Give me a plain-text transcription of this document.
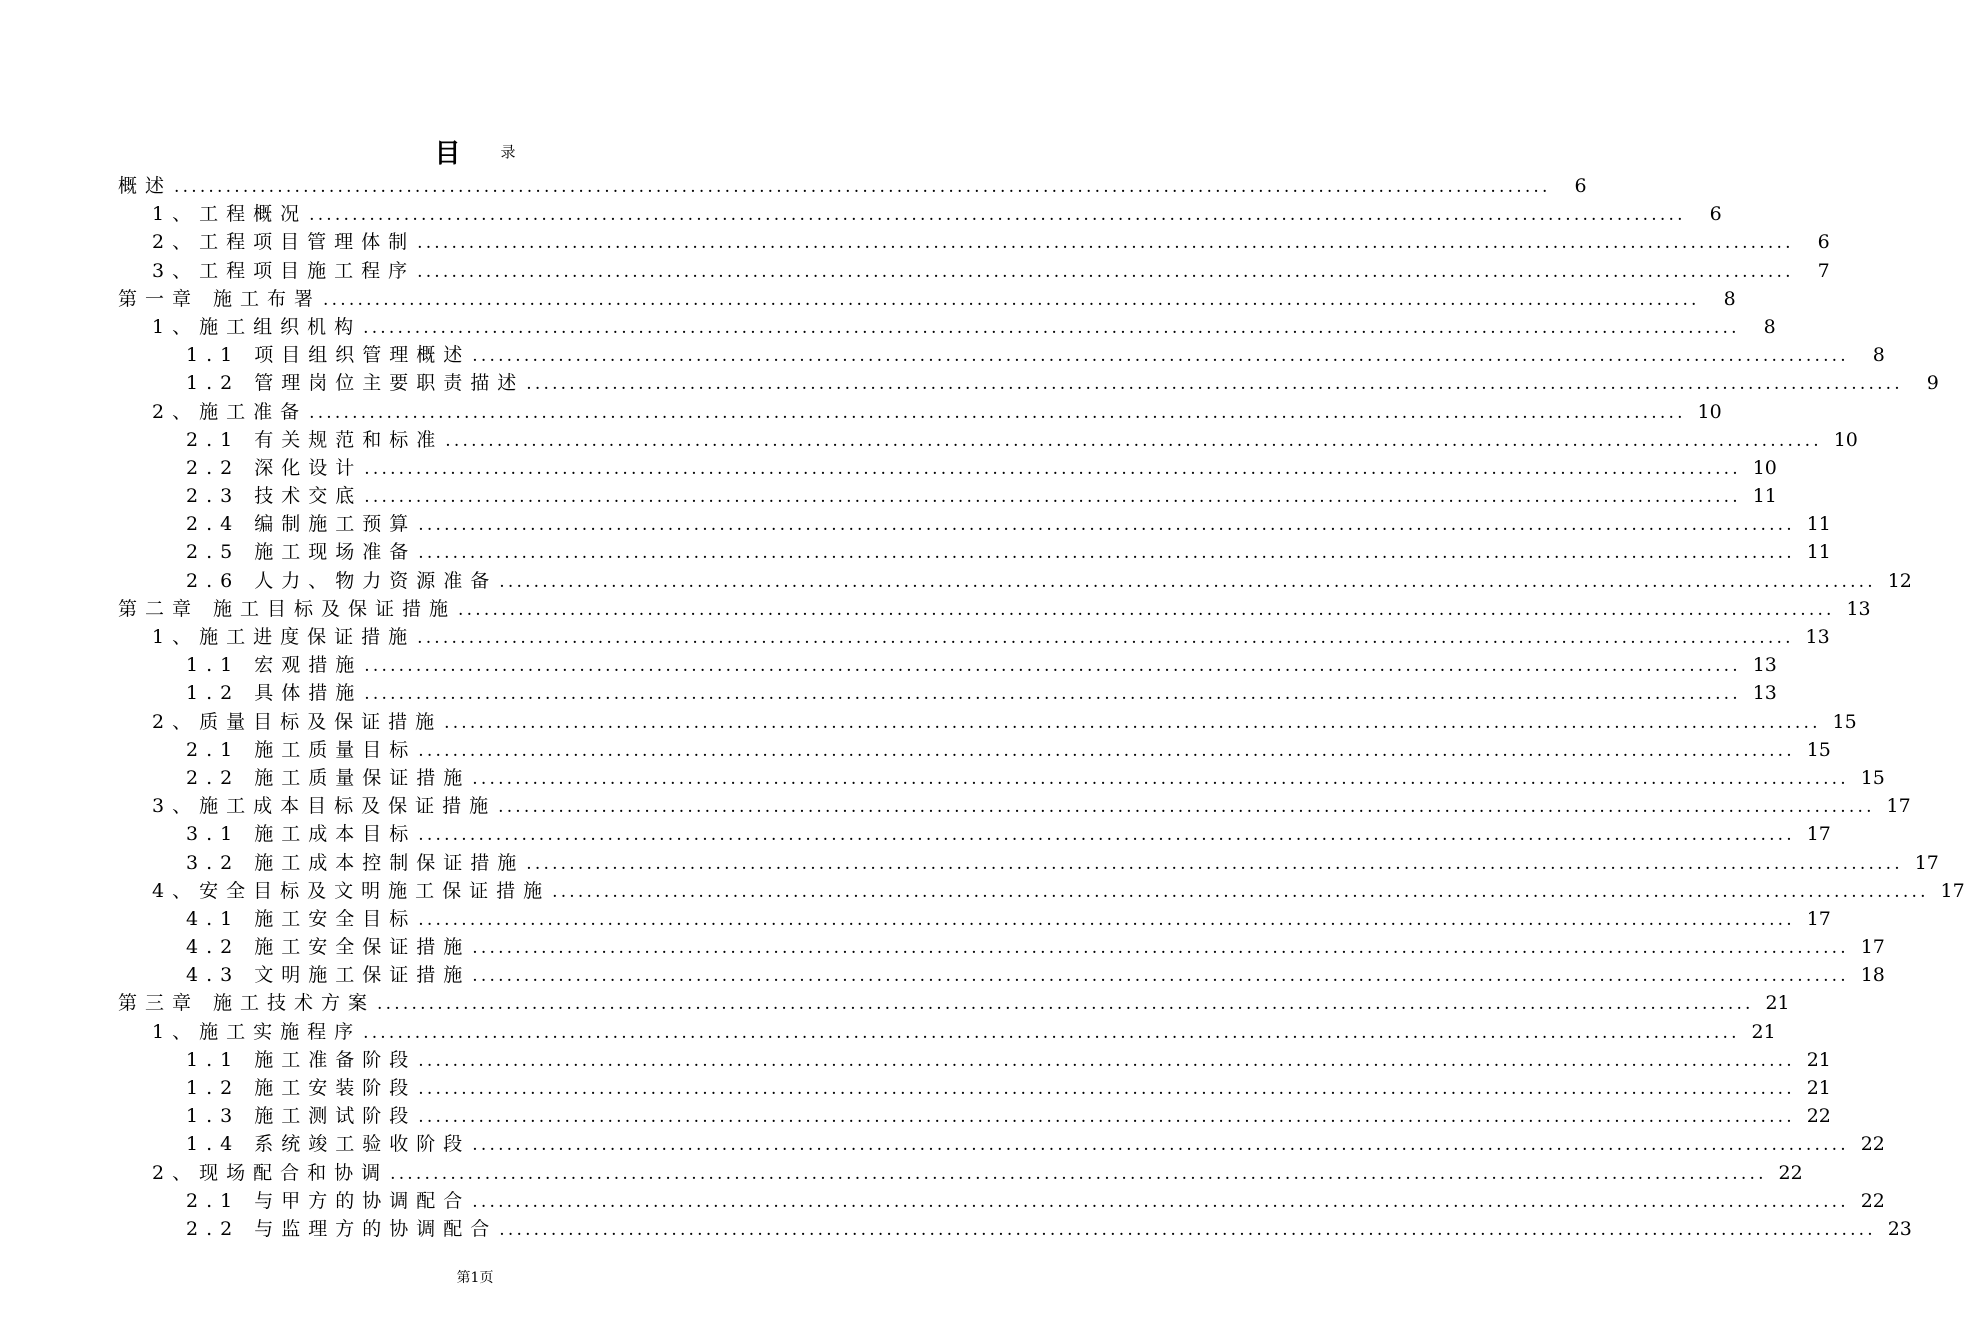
目	录
概述 ................................................................................................................................................................	6
1、工程概况 ................................................................................................................................................................	6
2、工程项目管理体制 ................................................................................................................................................................	6
3、工程项目施工程序 ................................................................................................................................................................	7
第一章 施工布署 ................................................................................................................................................................	8
1、施工组织机构 ................................................................................................................................................................	8
1.1 项目组织管理概述 ................................................................................................................................................................	8
1.2 管理岗位主要职责描述 ................................................................................................................................................................	9
2、施工准备 ................................................................................................................................................................ 10
2.1 有关规范和标准 ................................................................................................................................................................ 10
2.2 深化设计 ................................................................................................................................................................ 10
2.3 技术交底 ................................................................................................................................................................ 11
2.4 编制施工预算 ................................................................................................................................................................ 11
2.5 施工现场准备 ................................................................................................................................................................ 11
2.6 人力、物力资源准备 ................................................................................................................................................................ 12
第二章 施工目标及保证措施 ................................................................................................................................................................ 13
1、施工进度保证措施 ................................................................................................................................................................ 13
1.1 宏观措施 ................................................................................................................................................................ 13
1.2 具体措施 ................................................................................................................................................................ 13
2、质量目标及保证措施 ................................................................................................................................................................ 15
2.1 施工质量目标 ................................................................................................................................................................ 15
2.2 施工质量保证措施 ................................................................................................................................................................ 15
3、施工成本目标及保证措施 ................................................................................................................................................................ 17
3.1 施工成本目标 ................................................................................................................................................................ 17
3.2 施工成本控制保证措施 ................................................................................................................................................................ 17
4、安全目标及文明施工保证措施 ................................................................................................................................................................ 17
4.1 施工安全目标 ................................................................................................................................................................ 17
4.2 施工安全保证措施 ................................................................................................................................................................ 17
4.3 文明施工保证措施 ................................................................................................................................................................ 18
第三章 施工技术方案 ................................................................................................................................................................ 21
1、施工实施程序 ................................................................................................................................................................ 21
1.1 施工准备阶段 ................................................................................................................................................................ 21
1.2 施工安装阶段 ................................................................................................................................................................ 21
1.3 施工测试阶段 ................................................................................................................................................................ 22
1.4 系统竣工验收阶段 ................................................................................................................................................................ 22
2、现场配合和协调 ................................................................................................................................................................ 22
2.1 与甲方的协调配合 ................................................................................................................................................................ 22
2.2 与监理方的协调配合 ................................................................................................................................................................ 23
第1页
